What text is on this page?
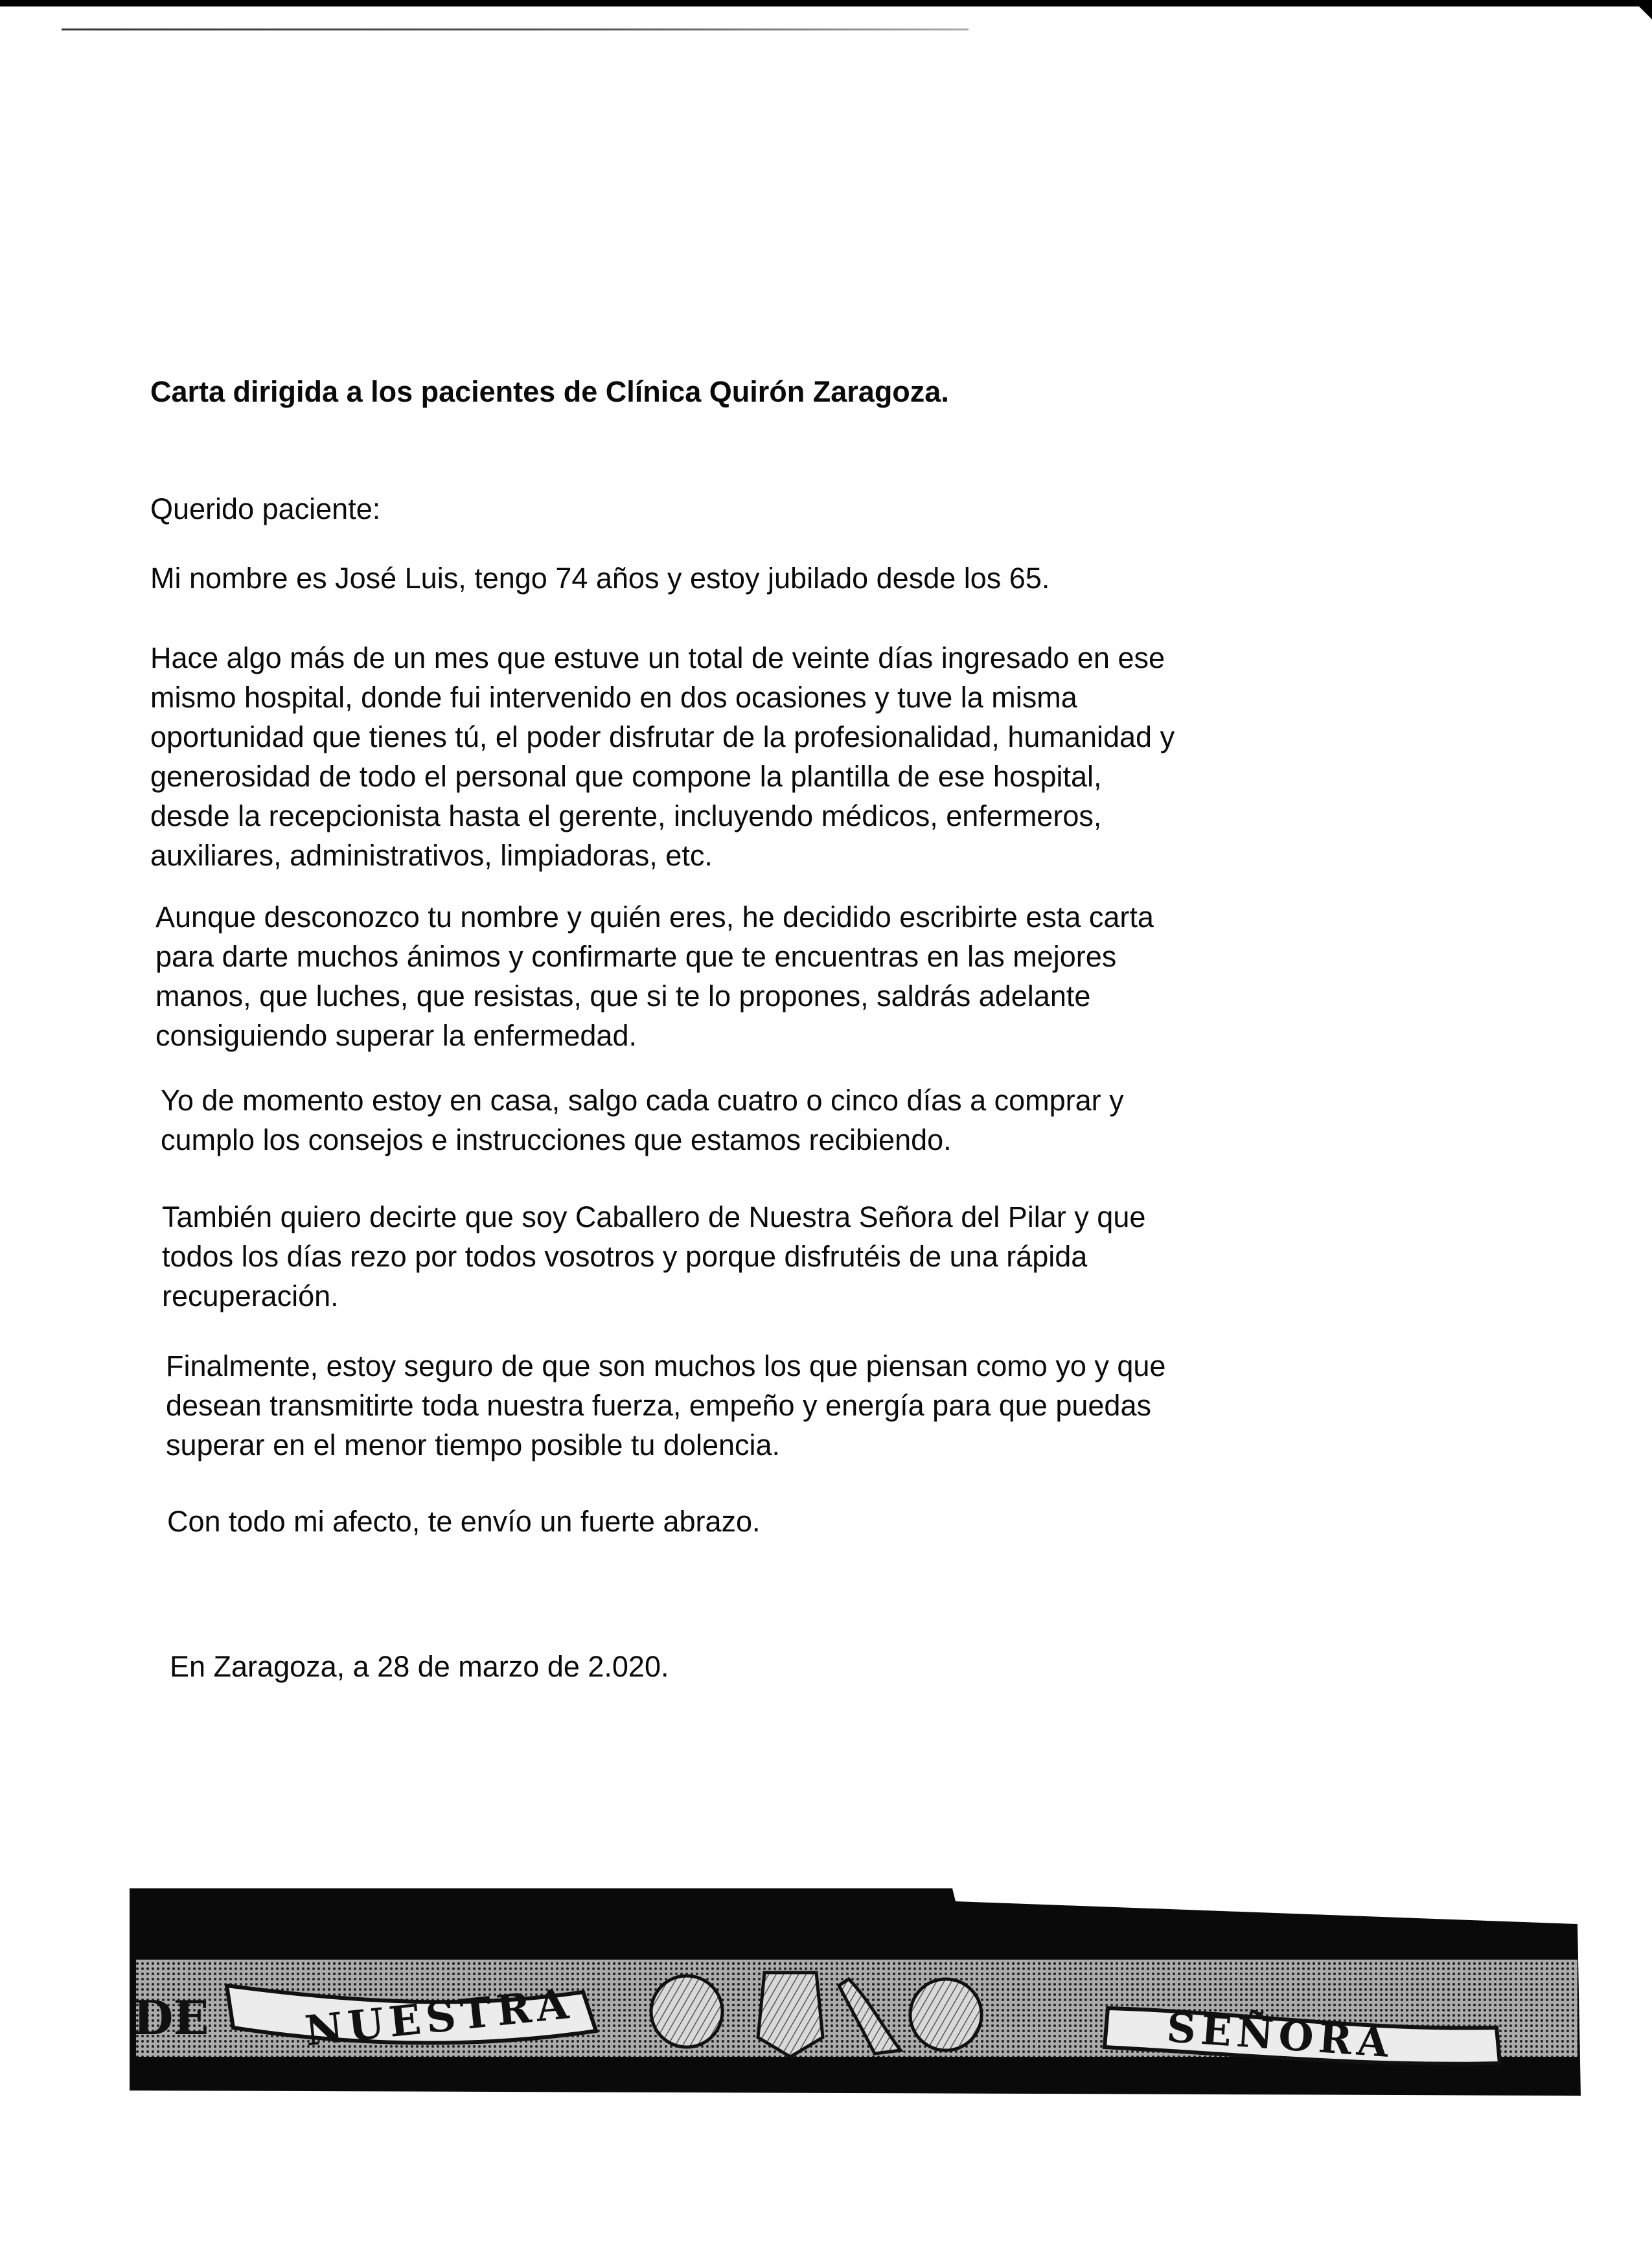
Carta dirigida a los pacientes de Clínica Quirón Zaragoza.
Querido paciente:
Mi nombre es José Luis, tengo 74 años y estoy jubilado desde los 65.
Hace algo más de un mes que estuve un total de veinte días ingresado en ese
mismo hospital, donde fui intervenido en dos ocasiones y tuve la misma
oportunidad que tienes tú, el poder disfrutar de la profesionalidad, humanidad y
generosidad de todo el personal que compone la plantilla de ese hospital,
desde la recepcionista hasta el gerente, incluyendo médicos, enfermeros,
auxiliares, administrativos, limpiadoras, etc.
Aunque desconozco tu nombre y quién eres, he decidido escribirte esta carta
para darte muchos ánimos y confirmarte que te encuentras en las mejores
manos, que luches, que resistas, que si te lo propones, saldrás adelante
consiguiendo superar la enfermedad.
Yo de momento estoy en casa, salgo cada cuatro o cinco días a comprar y
cumplo los consejos e instrucciones que estamos recibiendo.
También quiero decirte que soy Caballero de Nuestra Señora del Pilar y que
todos los días rezo por todos vosotros y porque disfrutéis de una rápida
recuperación.
Finalmente, estoy seguro de que son muchos los que piensan como yo y que
desean transmitirte toda nuestra fuerza, empeño y energía para que puedas
superar en el menor tiempo posible tu dolencia.
Con todo mi afecto, te envío un fuerte abrazo.
En Zaragoza, a 28 de marzo de 2.020.
DE NUESTRA	SEÑORA
